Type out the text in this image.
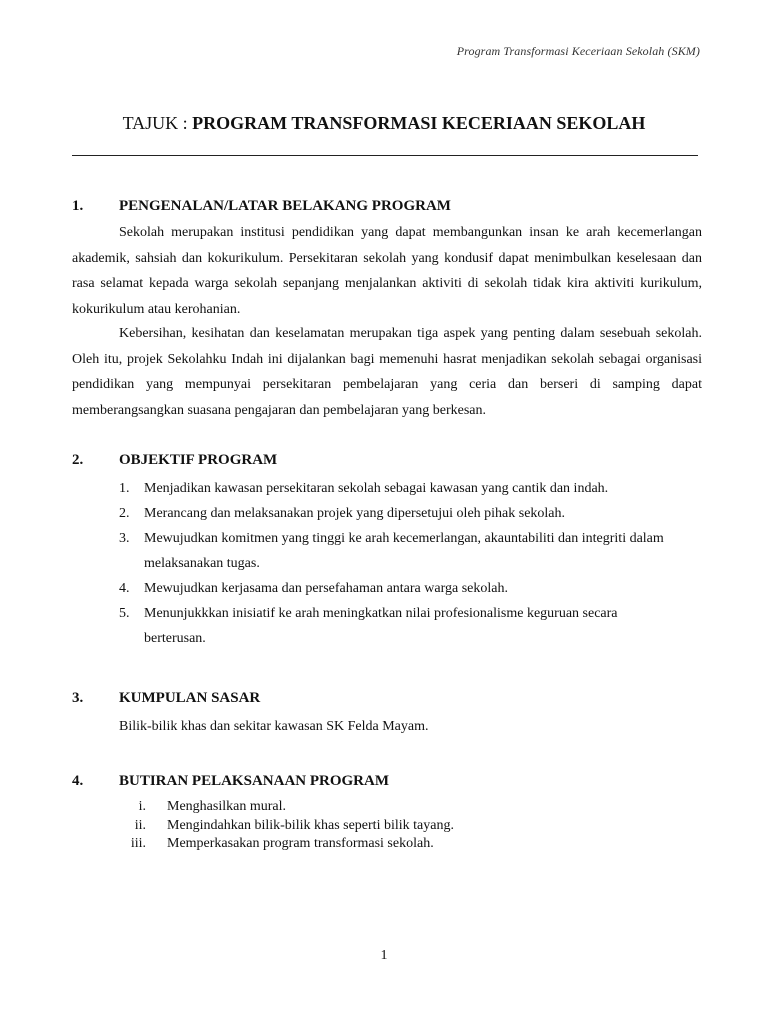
Program Transformasi Keceriaan Sekolah (SKM)
TAJUK : PROGRAM TRANSFORMASI KECERIAAN SEKOLAH
1. PENGENALAN/LATAR BELAKANG PROGRAM

Sekolah merupakan institusi pendidikan yang dapat membangunkan insan ke arah kecemerlangan akademik, sahsiah dan kokurikulum. Persekitaran sekolah yang kondusif dapat menimbulkan keselesaan dan rasa selamat kepada warga sekolah sepanjang menjalankan aktiviti di sekolah tidak kira aktiviti kurikulum, kokurikulum atau kerohanian.

Kebersihan, kesihatan dan keselamatan merupakan tiga aspek yang penting dalam sesebuah sekolah. Oleh itu, projek Sekolahku Indah ini dijalankan bagi memenuhi hasrat menjadikan sekolah sebagai organisasi pendidikan yang mempunyai persekitaran pembelajaran yang ceria dan berseri di samping dapat memberangsangkan suasana pengajaran dan pembelajaran yang berkesan.

2. OBJEKTIF PROGRAM
1. Menjadikan kawasan persekitaran sekolah sebagai kawasan yang cantik dan indah.
2. Merancang dan melaksanakan projek yang dipersetujui oleh pihak sekolah.
3. Mewujudkan komitmen yang tinggi ke arah kecemerlangan, akauntabiliti dan integriti dalam melaksanakan tugas.
4. Mewujudkan kerjasama dan persefahaman antara warga sekolah.
5. Menunjukkkan inisiatif ke arah meningkatkan nilai profesionalisme keguruan secara berterusan.
3. KUMPULAN SASAR
Bilik-bilik khas dan sekitar kawasan SK Felda Mayam.
4. BUTIRAN PELAKSANAAN PROGRAM
i. Menghasilkan mural.
ii. Mengindahkan bilik-bilik khas seperti bilik tayang.
iii. Memperkasakan program transformasi sekolah.
1
